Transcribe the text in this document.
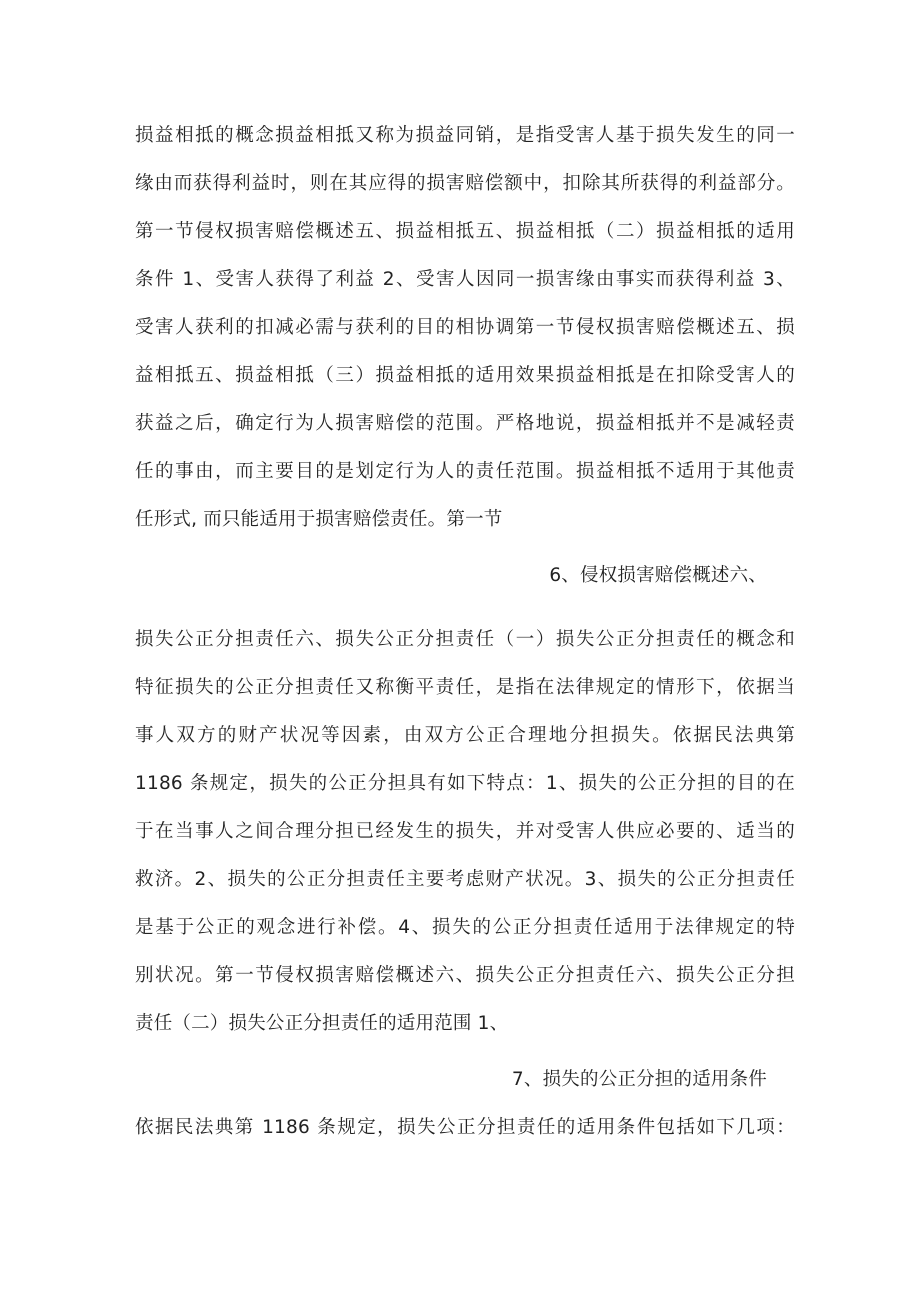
损益相抵的概念损益相抵又称为损益同销，是指受害人基于损失发生的同一
缘由而获得利益时，则在其应得的损害赔偿额中，扣除其所获得的利益部分。
第一节侵权损害赔偿概述五、损益相抵五、损益相抵（二）损益相抵的适用
条件 1、受害人获得了利益 2、受害人因同一损害缘由事实而获得利益 3、
受害人获利的扣减必需与获利的目的相协调第一节侵权损害赔偿概述五、损
益相抵五、损益相抵（三）损益相抵的适用效果损益相抵是在扣除受害人的
获益之后，确定行为人损害赔偿的范围。严格地说，损益相抵并不是减轻责
任的事由，而主要目的是划定行为人的责任范围。损益相抵不适用于其他责
任形式, 而只能适用于损害赔偿责任。第一节
6、侵权损害赔偿概述六、
损失公正分担责任六、损失公正分担责任（一）损失公正分担责任的概念和
特征损失的公正分担责任又称衡平责任，是指在法律规定的情形下，依据当
事人双方的财产状况等因素，由双方公正合理地分担损失。依据民法典第
1186 条规定，损失的公正分担具有如下特点：1、损失的公正分担的目的在
于在当事人之间合理分担已经发生的损失，并对受害人供应必要的、适当的
救济。2、损失的公正分担责任主要考虑财产状况。3、损失的公正分担责任
是基于公正的观念进行补偿。4、损失的公正分担责任适用于法律规定的特
别状况。第一节侵权损害赔偿概述六、损失公正分担责任六、损失公正分担
责任（二）损失公正分担责任的适用范围 1、
7、损失的公正分担的适用条件
依据民法典第 1186 条规定，损失公正分担责任的适用条件包括如下几项：
